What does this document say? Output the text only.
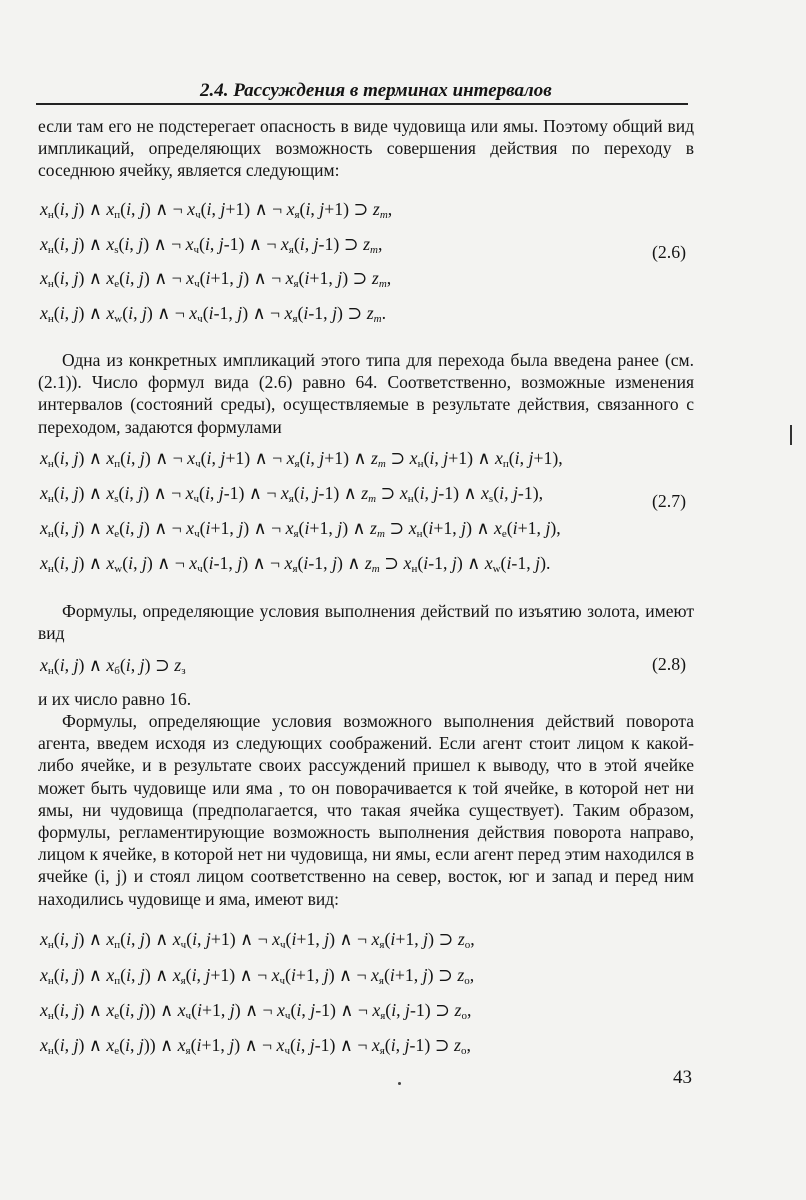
2.4. Рассуждения в терминах интервалов
если там его не подстерегает опасность в виде чудовища или ямы. Поэтому общий вид импликаций, определяющих возможность совершения действия по переходу в соседнюю ячейку, является следующим:
$x_н(i$, j) ∧ $x_п(i$, j) ∧ ¬ $x_ч(i$, j+1) ∧ ¬ $x_я(i$, j+1) ⊃ $z_m$,
$x_н(i$, j) ∧ $x_s(i$, j) ∧ ¬ $x_ч(i$, j-1) ∧ ¬ $x_я(i$, j-1) ⊃ $z_m$,
$x_н(i$, j) ∧ $x_e(i$, j) ∧ ¬ $x_ч(i+1$, j) ∧ ¬ $x_я(i+1$, j) ⊃ $z_m$,
$x_н(i$, j) ∧ $x_w(i$, j) ∧ ¬ $x_ч(i-1$, j) ∧ ¬ $x_я(i-1$, j) ⊃ $z_m$.
(2.6)
Одна из конкретных импликаций этого типа для перехода была введена ранее (см. (2.1)). Число формул вида (2.6) равно 64. Соответственно, возможные изменения интервалов (состояний среды), осуществляемые в результате действия, связанного с переходом, задаются формулами
$x_н(i$, j) ∧ $x_п(i$, j) ∧ ¬ $x_ч(i$, j+1) ∧ ¬ $x_я(i$, j+1) ∧ $z_m$ ⊃ $x_н(i$, j+1) ∧ $x_п(i$, j+1),
$x_н(i$, j) ∧ $x_s(i$, j) ∧ ¬ $x_ч(i$, j-1) ∧ ¬ $x_я(i$, j-1) ∧ $z_m$ ⊃ $x_н(i$, j-1) ∧ $x_s(i$, j-1),
$x_н(i$, j) ∧ $x_e(i$, j) ∧ ¬ $x_ч(i+1$, j) ∧ ¬ $x_я(i+1$, j) ∧ $z_m$ ⊃ $x_н(i+1$, j) ∧ $x_e(i+1$, j),
$x_н(i$, j) ∧ $x_w(i$, j) ∧ ¬ $x_ч(i-1$, j) ∧ ¬ $x_я(i-1$, j) ∧ $z_m$ ⊃ $x_н(i-1$, j) ∧ $x_w(i-1$, j).
(2.7)
Формулы, определяющие условия выполнения действий по изъятию золота, имеют вид
$x_н(i$, j) ∧ $x_б(i$, j) ⊃ $z_з$	(2.8)
и их число равно 16.
Формулы, определяющие условия возможного выполнения действий поворота агента, введем исходя из следующих соображений. Если агент стоит лицом к какой-либо ячейке, и в результате своих рассуждений пришел к выводу, что в этой ячейке может быть чудовище или яма , то он поворачивается к той ячейке, в которой нет ни ямы, ни чудовища (предполагается, что такая ячейка существует). Таким образом, формулы, регламентирующие возможность выполнения действия поворота направо, лицом к ячейке, в которой нет ни чудовища, ни ямы, если агент перед этим находился в ячейке (i, j) и стоял лицом соответственно на север, восток, юг и запад и перед ним находились чудовище и яма, имеют вид:
$x_н(i$, j) ∧ $x_п(i$, j) ∧ $x_ч(i$, j+1) ∧ ¬ $x_ч(i+1$, j) ∧ ¬ $x_я(i+1$, j) ⊃ $z_о$,
$x_н(i$, j) ∧ $x_п(i$, j) ∧ $x_я(i$, j+1) ∧ ¬ $x_ч(i+1$, j) ∧ ¬ $x_я(i+1$, j) ⊃ $z_о$,
$x_н(i$, j) ∧ $x_e(i$, j)) ∧ $x_ч(i+1$, j) ∧ ¬ $x_ч(i$, j-1) ∧ ¬ $x_я(i$, j-1) ⊃ $z_о$,
$x_н(i$, j) ∧ $x_e(i$, j)) ∧ $x_я(i+1$, j) ∧ ¬ $x_ч(i$, j-1) ∧ ¬ $x_я(i$, j-1) ⊃ $z_о$,
43
